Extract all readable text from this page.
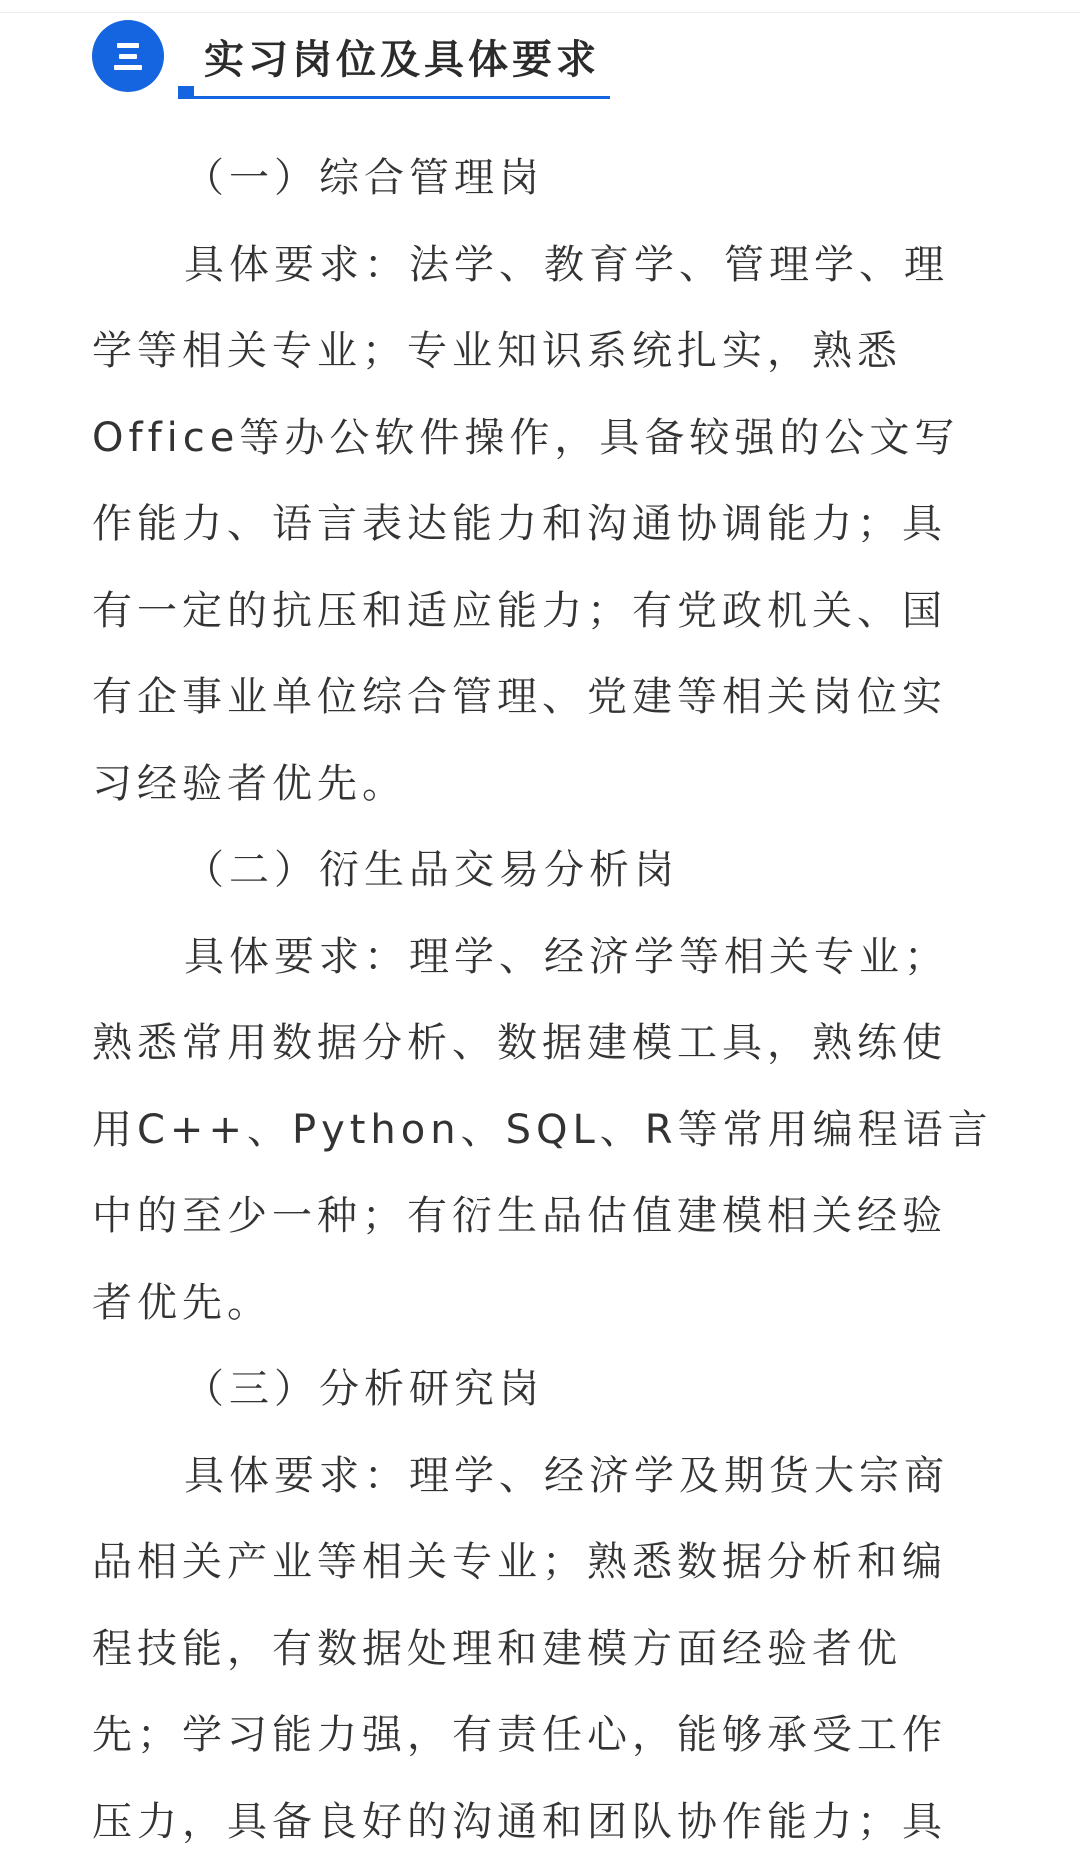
实习岗位及具体要求
（一）综合管理岗
具体要求：法学、教育学、管理学、理
学等相关专业；专业知识系统扎实，熟悉
Office等办公软件操作，具备较强的公文写
作能力、语言表达能力和沟通协调能力；具
有一定的抗压和适应能力；有党政机关、国
有企事业单位综合管理、党建等相关岗位实
习经验者优先。
（二）衍生品交易分析岗
具体要求：理学、经济学等相关专业；
熟悉常用数据分析、数据建模工具，熟练使
用C++、Python、SQL、R等常用编程语言
中的至少一种；有衍生品估值建模相关经验
者优先。
（三）分析研究岗
具体要求：理学、经济学及期货大宗商
品相关产业等相关专业；熟悉数据分析和编
程技能，有数据处理和建模方面经验者优
先；学习能力强，有责任心，能够承受工作
压力，具备良好的沟通和团队协作能力；具
